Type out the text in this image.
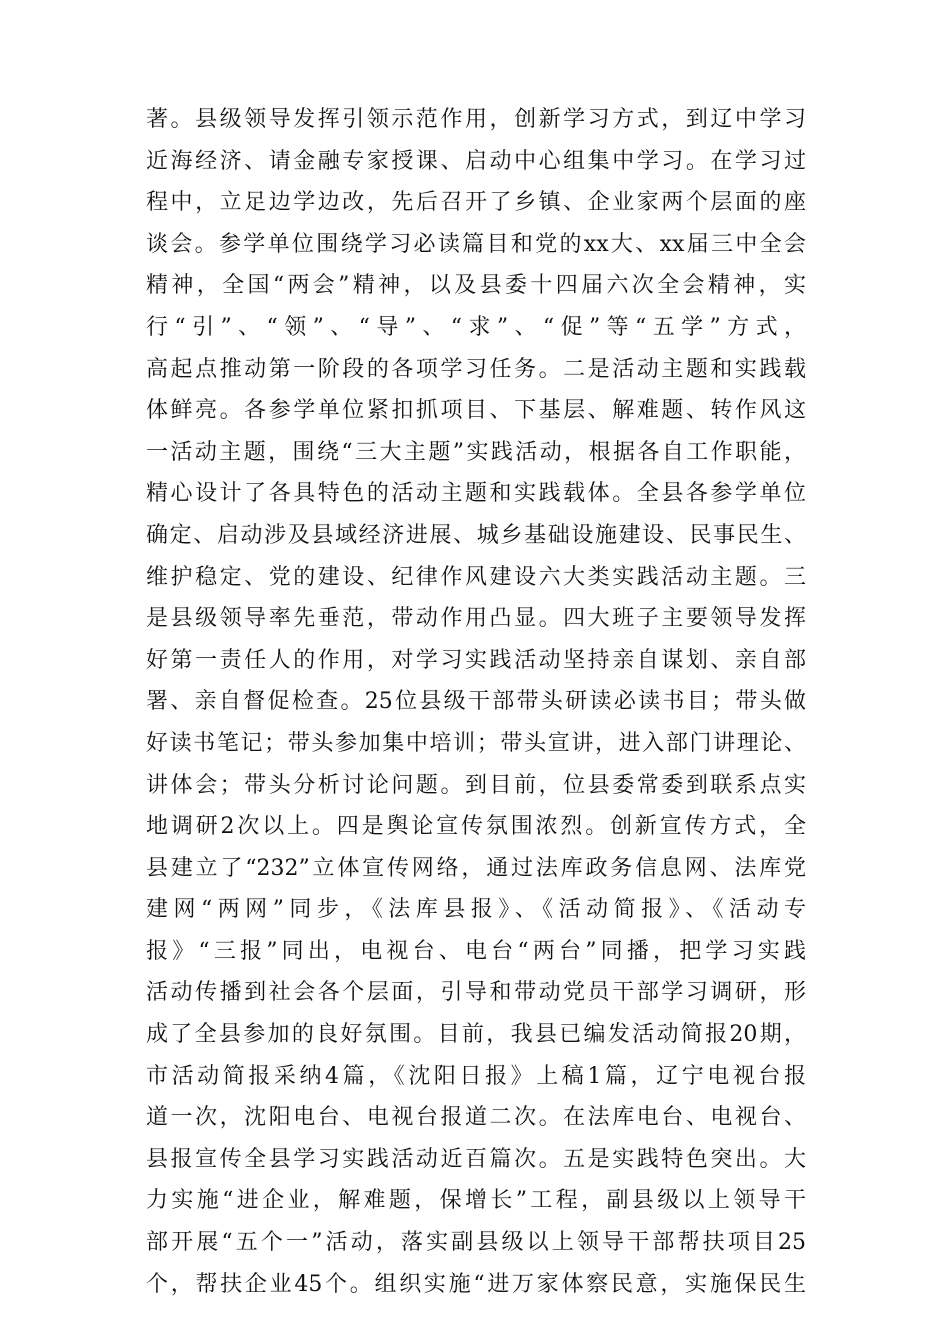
著。县级领导发挥引领示范作用，创新学习方式，到辽中学习
近海经济、请金融专家授课、启动中心组集中学习。在学习过
程中，立足边学边改，先后召开了乡镇、企业家两个层面的座
谈会。参学单位围绕学习必读篇目和党的xx大、xx届三中全会
精神，全国“两会”精神，以及县委十四届六次全会精神，实
行“引”、“领”、“导”、“求”、“促”等“五学”方式，
高起点推动第一阶段的各项学习任务。二是活动主题和实践载
体鲜亮。各参学单位紧扣抓项目、下基层、解难题、转作风这
一活动主题，围绕“三大主题”实践活动，根据各自工作职能，
精心设计了各具特色的活动主题和实践载体。全县各参学单位
确定、启动涉及县域经济进展、城乡基础设施建设、民事民生、
维护稳定、党的建设、纪律作风建设六大类实践活动主题。三
是县级领导率先垂范，带动作用凸显。四大班子主要领导发挥
好第一责任人的作用，对学习实践活动坚持亲自谋划、亲自部
署、亲自督促检查。25位县级干部带头研读必读书目；带头做
好读书笔记；带头参加集中培训；带头宣讲，进入部门讲理论、
讲体会；带头分析讨论问题。到目前，位县委常委到联系点实
地调研2次以上。四是舆论宣传氛围浓烈。创新宣传方式，全
县建立了“232”立体宣传网络，通过法库政务信息网、法库党
建网“两网”同步，《法库县报》、《活动简报》、《活动专
报》“三报”同出，电视台、电台“两台”同播，把学习实践
活动传播到社会各个层面，引导和带动党员干部学习调研，形
成了全县参加的良好氛围。目前，我县已编发活动简报20期，
市活动简报采纳4篇，《沈阳日报》上稿1篇，辽宁电视台报
道一次，沈阳电台、电视台报道二次。在法库电台、电视台、
县报宣传全县学习实践活动近百篇次。五是实践特色突出。大
力实施“进企业，解难题，保增长”工程，副县级以上领导干
部开展“五个一”活动，落实副县级以上领导干部帮扶项目25
个，帮扶企业45个。组织实施“进万家体察民意，实施保民生
